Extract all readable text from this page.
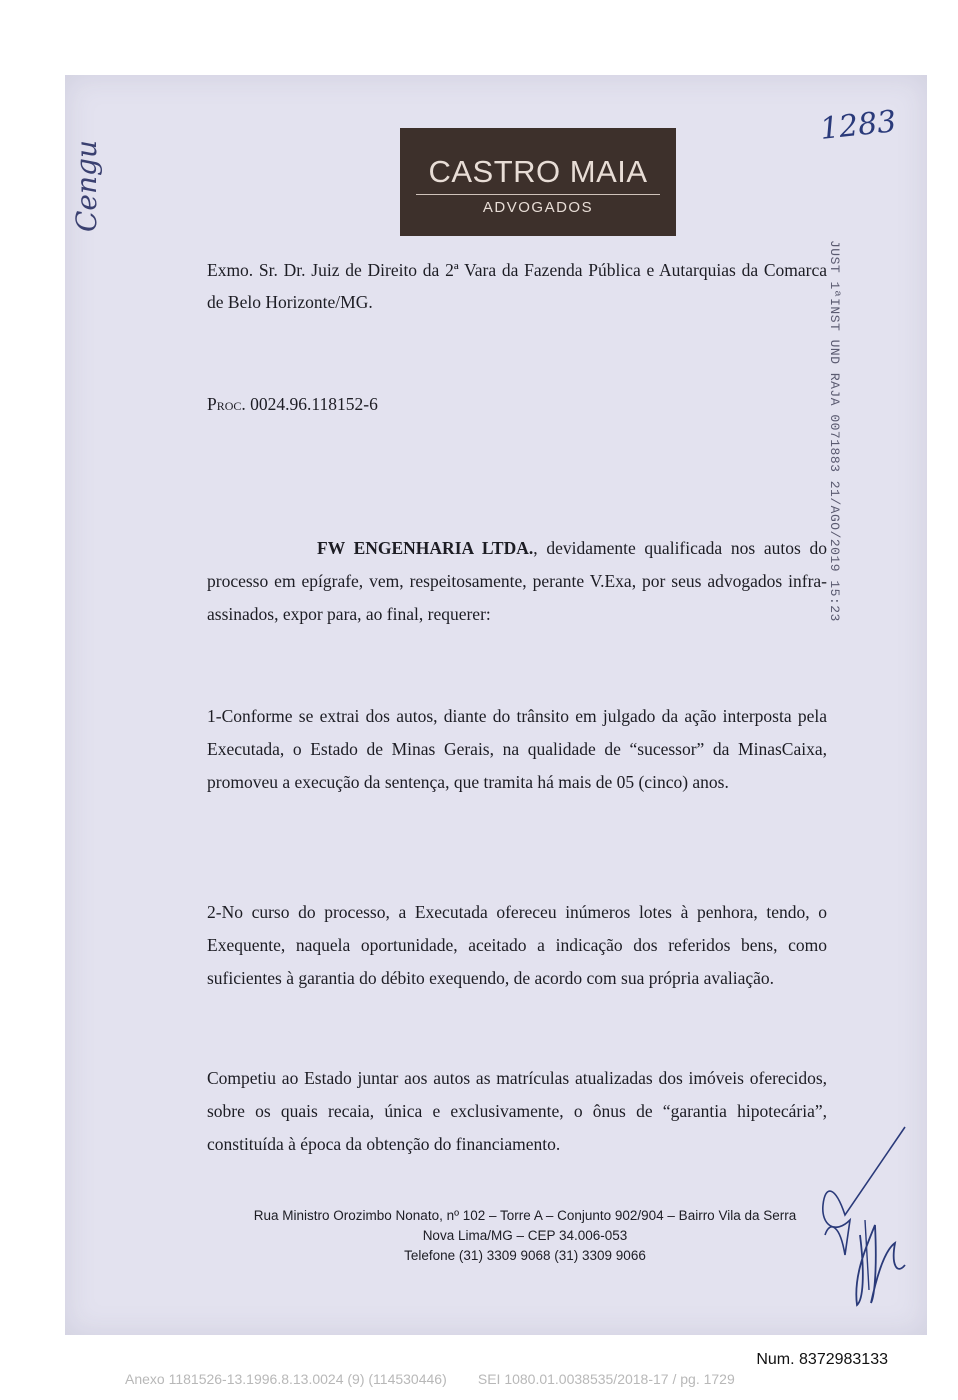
1283
Cengu	CASTRO MAIA
ADVOGADOS
JUST 1ªINST UND RAJA 0071883 21/AGO/2019 15:23
Exmo. Sr. Dr. Juiz de Direito da 2ª Vara da Fazenda Pública e Autarquias da Comarca de Belo Horizonte/MG.
Proc. 0024.96.118152-6
FW ENGENHARIA LTDA., devidamente qualificada nos autos do processo em epígrafe, vem, respeitosamente, perante V.Exa, por seus advogados infra-assinados, expor para, ao final, requerer:
1-Conforme se extrai dos autos, diante do trânsito em julgado da ação interposta pela Executada, o Estado de Minas Gerais, na qualidade de “sucessor” da MinasCaixa, promoveu a execução da sentença, que tramita há mais de 05 (cinco) anos.
2-No curso do processo, a Executada ofereceu inúmeros lotes à penhora, tendo, o Exequente, naquela oportunidade, aceitado a indicação dos referidos bens, como suficientes à garantia do débito exequendo, de acordo com sua própria avaliação.
Competiu ao Estado juntar aos autos as matrículas atualizadas dos imóveis oferecidos, sobre os quais recaia, única e exclusivamente, o ônus de “garantia hipotecária”, constituída à época da obtenção do financiamento.
Rua Ministro Orozimbo Nonato, nº 102 – Torre A – Conjunto 902/904 – Bairro Vila da Serra
Nova Lima/MG – CEP 34.006-053
Telefone (31) 3309 9068 (31) 3309 9066
Num. 8372983133
Anexo 1181526-13.1996.8.13.0024 (9) (114530446)        SEI 1080.01.0038535/2018-17 / pg. 1729
